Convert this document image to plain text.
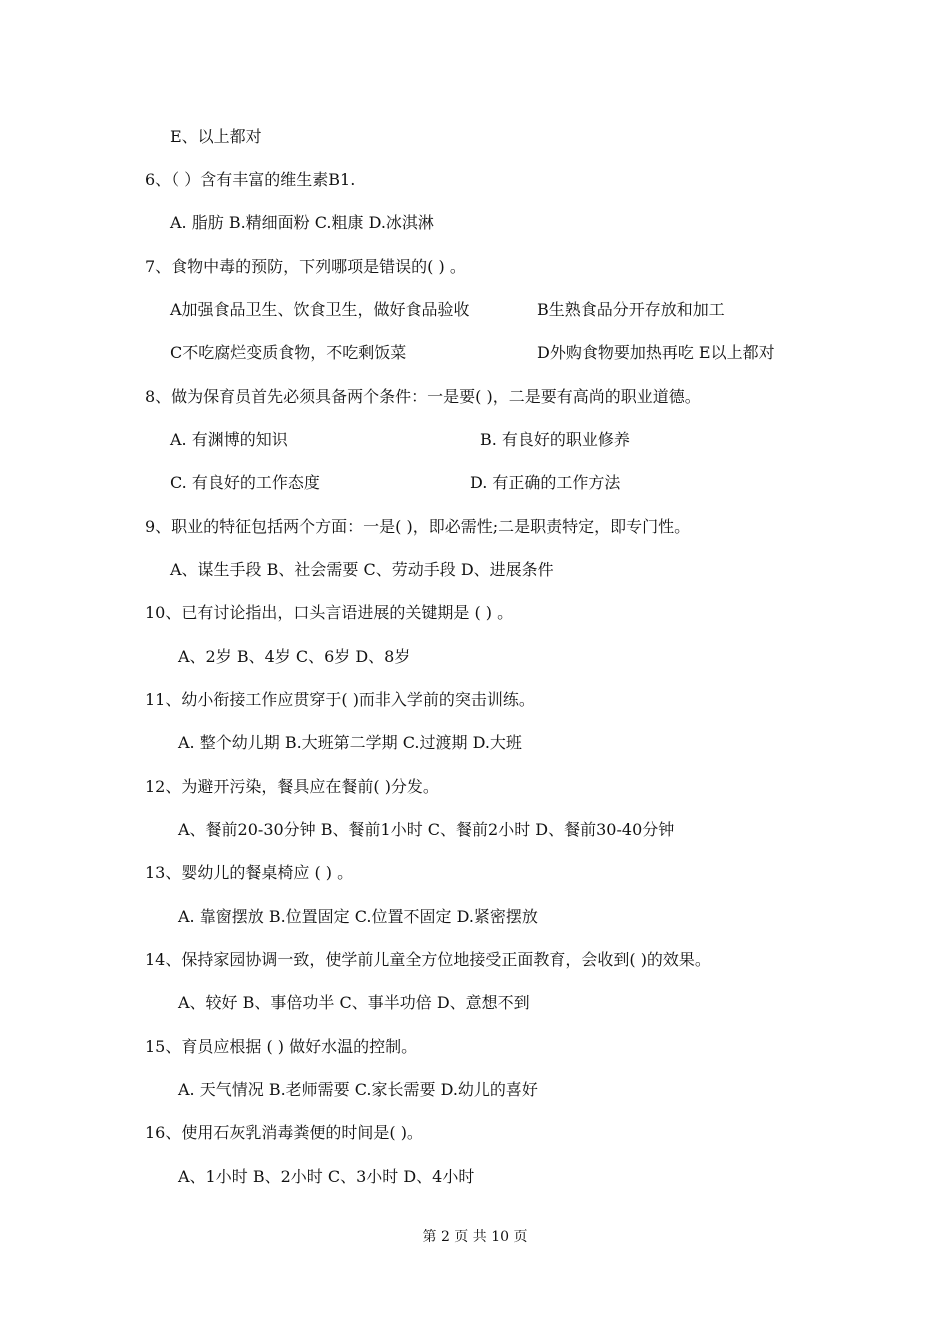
E、以上都对
6、（ ）含有丰富的维生素B1.
A. 脂肪 B.精细面粉 C.粗康 D.冰淇淋
7、食物中毒的预防，下列哪项是错误的( ) 。
A加强食品卫生、饮食卫生，做好食品验收	B生熟食品分开存放和加工
C不吃腐烂变质食物，不吃剩饭菜	D外购食物要加热再吃 E以上都对
8、做为保育员首先必须具备两个条件：一是要( )，二是要有高尚的职业道德。
A. 有渊博的知识	B. 有良好的职业修养
C. 有良好的工作态度	D. 有正确的工作方法
9、职业的特征包括两个方面：一是( )，即必需性;二是职责特定，即专门性。
A、谋生手段 B、社会需要 C、劳动手段 D、进展条件
10、已有讨论指出，口头言语进展的关键期是 ( ) 。
A、2岁 B、4岁 C、6岁 D、8岁
11、幼小衔接工作应贯穿于( )而非入学前的突击训练。
A. 整个幼儿期 B.大班第二学期 C.过渡期 D.大班
12、为避开污染，餐具应在餐前( )分发。
A、餐前20-30分钟 B、餐前1小时 C、餐前2小时 D、餐前30-40分钟
13、婴幼儿的餐桌椅应 ( ) 。
A. 靠窗摆放 B.位置固定 C.位置不固定 D.紧密摆放
14、保持家园协调一致，使学前儿童全方位地接受正面教育，会收到( )的效果。
A、较好 B、事倍功半 C、事半功倍 D、意想不到
15、育员应根据 ( ) 做好水温的控制。
A. 天气情况 B.老师需要 C.家长需要 D.幼儿的喜好
16、使用石灰乳消毒粪便的时间是( )。
A、1小时 B、2小时 C、3小时 D、4小时
第 2 页 共 10 页
